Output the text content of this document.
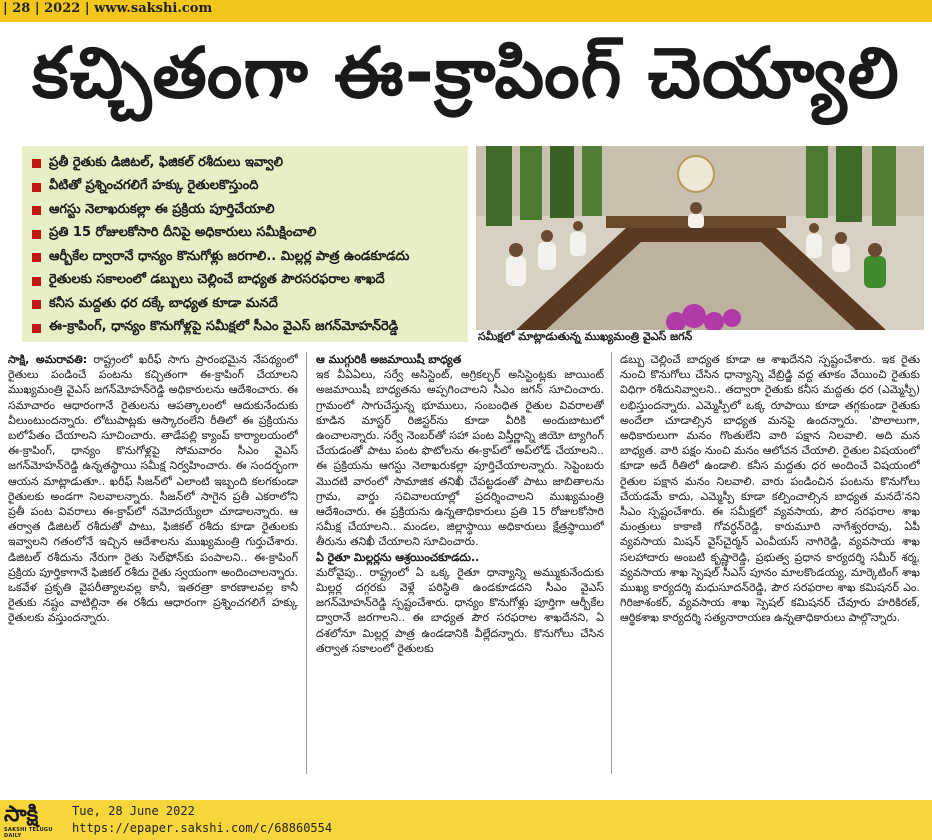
| 28 | 2022 | www.sakshi.com
కచ్చితంగా ఈ-క్రాపింగ్ చెయ్యాలి
ప్రతీ రైతుకు డిజిటల్, ఫిజికల్ రశీదులు ఇవ్వాలి
వీటితో ప్రశ్నించగలిగే హక్కు రైతులకొస్తుంది
ఆగస్టు నెలాఖరుకల్లా ఈ ప్రక్రియ పూర్తిచేయాలి
ప్రతి 15 రోజులకోసారి దీనిపై అధికారులు సమీక్షించాలి
ఆర్బీకేల ద్వారానే ధాన్యం కొనుగోళ్లు జరగాలి.. మిల్లర్ల పాత్ర ఉండకూడదు
రైతులకు సకాలంలో డబ్బులు చెల్లించే బాధ్యత పౌరసరఫరాల శాఖదే
కనీస మద్దతు ధర దక్కే బాధ్యత కూడా మనదే
ఈ-క్రాపింగ్, ధాన్యం కొనుగోళ్లపై సమీక్షలో సీఎం వైఎస్ జగన్‌మోహన్‌రెడ్డి
సమీక్షలో మాట్లాడుతున్న ముఖ్యమంత్రి వైఎస్ జగన్

సాక్షి, అమరావతి: రాష్ట్రంలో ఖరీఫ్ సాగు ప్రారంభమైన నేపథ్యంలో రైతులు పండించే పంటను కచ్చితంగా ఈ-క్రాపింగ్ చేయాలని ముఖ్యమంత్రి వైఎస్ జగన్‌మోహన్‌రెడ్డి అధికారులను ఆదేశించారు. ఈ సమాచారం ఆధారంగానే రైతులను ఆపత్కాలంలో ఆదుకునేందుకు వీలుంటుందన్నారు. లోటుపాట్లకు ఆస్కారంలేని రీతిలో ఈ ప్రక్రియను బలోపేతం చేయాలని సూచించారు. తాడేపల్లి క్యాంప్ కార్యాలయంలో ఈ-క్రాపింగ్, ధాన్యం కొనుగోళ్లపై సోమవారం సీఎం వైఎస్ జగన్‌మోహన్‌రెడ్డి ఉన్నతస్థాయి సమీక్ష నిర్వహించారు. ఈ సందర్భంగా ఆయన మాట్లాడుతూ.. ఖరీఫ్ సీజన్‌లో ఎలాంటి ఇబ్బంది కలగకుండా రైతులకు అండగా నిలవాలన్నారు. సీజన్‌లో సాగైన ప్రతీ ఎకరాలోని ప్రతీ పంట వివరాలు ఈ-క్రాప్‌లో నమోదయ్యేలా చూడాలన్నారు. ఆ తర్వాత డిజిటల్ రశీదుతో పాటు, ఫిజికల్ రశీదు కూడా రైతులకు ఇవ్వాలని గతంలోనే ఇచ్చిన ఆదేశాలను ముఖ్యమంత్రి గుర్తుచేశారు. డిజిటల్ రశీదును నేరుగా రైతు సెల్‌ఫోన్‌కు పంపాలని.. ఈ-క్రాపింగ్ ప్రక్రియ పూర్తికాగానే ఫిజికల్ రశీదు రైతు స్వయంగా అందించాలన్నారు. ఒకవేళ ప్రకృతి వైపరీత్యాలవల్ల కానీ, ఇతరత్రా కారణాలవల్ల కానీ రైతుకు నష్టం వాటిల్లినా ఈ రశీదు ఆధారంగా ప్రశ్నించగలిగే హక్కు రైతులకు వస్తుందన్నారు.

ఆ ముగ్గురికీ అజమాయిషీ బాధ్యత

ఇక వీఏఏలు, సర్వే అసిస్టెంట్, అగ్రికల్చర్ అసిస్టెంట్లకు జాయింట్ అజమాయిషీ బాధ్యతను అప్పగించాలని సీఎం జగన్ సూచించారు. గ్రామంలో సాగుచేస్తున్న భూములు, సంబంధిత రైతుల వివరాలతో కూడిన మాస్టర్ రిజిస్టర్‌ను కూడా వీరికి అందుబాటులో ఉంచాలన్నారు. సర్వే నెంబర్‌తో సహా పంట విస్తీర్ణాన్ని జియో ట్యాగింగ్ చేయడంతో పాటు పంట ఫొటోలను ఈ-క్రాప్‌లో అప్‌లోడ్ చేయాలని.. ఈ ప్రక్రియను ఆగస్టు నెలాఖరుకల్లా పూర్తిచేయాలన్నారు. సెప్టెంబరు మొదటి వారంలో సామాజిక తనిఖీ చేపట్టడంతో పాటు జాబితాలను గ్రామ, వార్డు సచివాలయాల్లో ప్రదర్శించాలని ముఖ్యమంత్రి ఆదేశించారు. ఈ ప్రక్రియను ఉన్నతాధికారులు ప్రతి 15 రోజులకోసారి సమీక్ష చేయాలని.. మండల, జిల్లాస్థాయి అధికారులు క్షేత్రస్థాయిలో తీరును తనిఖీ చేయాలని సూచించారు.

ఏ రైతూ మిల్లర్లను ఆశ్రయించకూడదు..

మరోవైపు.. రాష్ట్రంలో ఏ ఒక్క రైతూ ధాన్యాన్ని అమ్ముకునేందుకు మిల్లర్ల దగ్గరకు వెళ్లే పరిస్థితి ఉండకూడదని సీఎం వైఎస్ జగన్‌మోహన్‌రెడ్డి స్పష్టంచేశారు. ధాన్యం కొనుగోళ్లు పూర్తిగా ఆర్బీకేల ద్వారానే జరగాలని.. ఈ బాధ్యత పౌర సరఫరాల శాఖదేనని, ఏ దశలోనూ మిల్లర్ల పాత్ర ఉండడానికి వీల్లేదన్నారు. కొనుగోలు చేసిన తర్వాత సకాలంలో రైతులకు

డబ్బు చెల్లించే బాధ్యత కూడా ఆ శాఖదేనని స్పష్టంచేశారు. ఇక రైతు నుంచి కొనుగోలు చేసిన ధాన్యాన్ని వేబ్రిడ్జి వద్ద తూకం వేయించి రైతుకు విధిగా రశీదునివ్వాలని.. తద్వారా రైతుకు కనీస మద్దతు ధర (ఎమ్మెస్పీ) లభిస్తుందన్నారు. ఎమ్మెస్పీలో ఒక్క రూపాయి కూడా తగ్గకుండా రైతుకు అందేలా చూడాల్సిన బాధ్యత మనపై ఉందన్నారు. 'పొలాలుగా, అధికారులుగా మనం గొంతులేని వారి పక్షాన నిలవాలి. అది మన బాధ్యత. వారి పక్షం నుంచి మనం ఆలోచన చేయాలి. రైతుల విషయంలో కూడా అదే రీతిలో ఉండాలి. కనీస మద్దతు ధర అందించే విషయంలో రైతుల పక్షాన మనం నిలవాలి. వారు పండించిన పంటను కొనుగోలు చేయడమే కాదు, ఎమ్మెస్పీ కూడా కల్పించాల్సిన బాధ్యత మనదే'నని సీఎం స్పష్టంచేశారు. ఈ సమీక్షలో వ్యవసాయ, పౌర సరఫరాల శాఖ మంత్రులు కాకాణి గోవర్ధన్‌రెడ్డి, కారుమూరి నాగేశ్వరరావు, ఏపీ వ్యవసాయ మిషన్ వైస్‌చైర్మన్ ఎంవీయస్ నాగిరెడ్డి, వ్యవసాయ శాఖ సలహాదారు అంబటి కృష్ణారెడ్డి, ప్రభుత్వ ప్రధాన కార్యదర్శి సమీర్ శర్మ, వ్యవసాయ శాఖ స్పెషల్ సీఎస్ పూనం మాలకొండయ్య, మార్కెటింగ్ శాఖ ముఖ్య కార్యదర్శి మధుసూదన్‌రెడ్డి, పౌర సరఫరాల శాఖ కమిషనర్ ఎం. గిరిజాశంకర్, వ్యవసాయ శాఖ స్పెషల్ కమిషనర్ చేవూరు హరికిరణ్, ఆర్థికశాఖ కార్యదర్శి సత్యనారాయణ ఉన్నతాధికారులు పాల్గొన్నారు.

సాక్షి
SAKSHI TELUGU DAILY
Tue, 28 June 2022
https://epaper.sakshi.com/c/68860554
